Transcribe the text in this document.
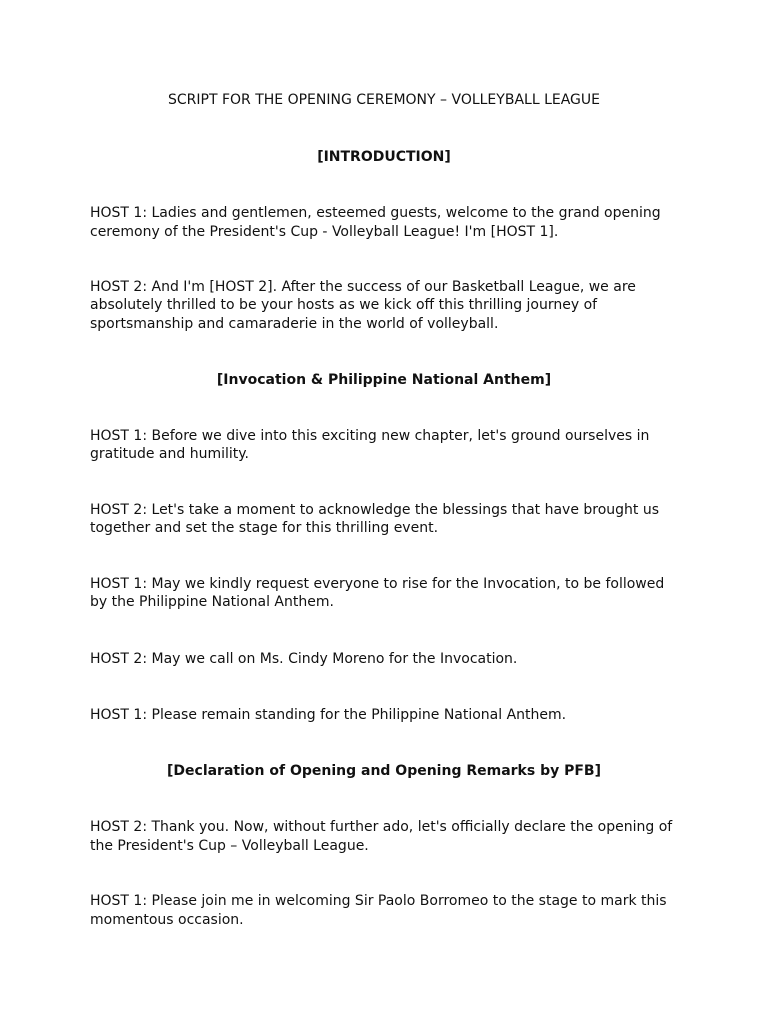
SCRIPT FOR THE OPENING CEREMONY – VOLLEYBALL LEAGUE

[INTRODUCTION]

HOST 1: Ladies and gentlemen, esteemed guests, welcome to the grand opening

ceremony of the President's Cup - Volleyball League! I'm [HOST 1].

HOST 2: And I'm [HOST 2]. After the success of our Basketball League, we are

absolutely thrilled to be your hosts as we kick off this thrilling journey of

sportsmanship and camaraderie in the world of volleyball.

[Invocation & Philippine National Anthem]

HOST 1: Before we dive into this exciting new chapter, let's ground ourselves in

gratitude and humility.

HOST 2: Let's take a moment to acknowledge the blessings that have brought us

together and set the stage for this thrilling event.

HOST 1: May we kindly request everyone to rise for the Invocation, to be followed

by the Philippine National Anthem.

HOST 2: May we call on Ms. Cindy Moreno for the Invocation.

HOST 1: Please remain standing for the Philippine National Anthem.

[Declaration of Opening and Opening Remarks by PFB]

HOST 2: Thank you. Now, without further ado, let's officially declare the opening of

the President's Cup – Volleyball League.

HOST 1: Please join me in welcoming Sir Paolo Borromeo to the stage to mark this

momentous occasion.
